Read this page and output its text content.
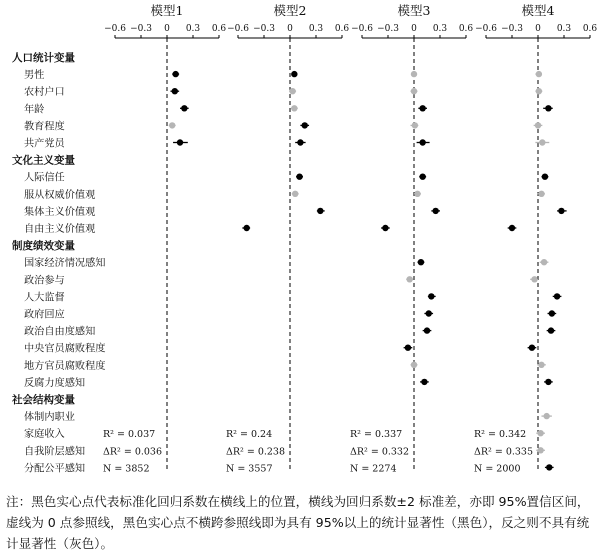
人口统计变量
男性
农村户口
年龄
教育程度
共产党员
文化主义变量
人际信任
服从权威价值观
集体主义价值观
自由主义价值观
制度绩效变量
国家经济情况感知
政治参与
人大监督
政府回应
政治自由度感知
中央官员腐败程度
地方官员腐败程度
反腐力度感知
社会结构变量
体制内职业
家庭收入
自我阶层感知
分配公平感知
模型1
−0.6 −0.3 0 0.3 0.6
R² = 0.037
ΔR² = 0.036
N = 3852
模型2
−0.6 −0.3 0 0.3 0.6
R² = 0.24
ΔR² = 0.238
N = 3557
模型3
−0.6 −0.3 0 0.3 0.6
R² = 0.337
ΔR² = 0.332
N = 2274
模型4
−0.6 −0.3 0 0.3 0.6
R² = 0.342
ΔR² = 0.335
N = 2000

注：黑色实心点代表标准化回归系数在横线上的位置，横线为回归系数±2 标准差，亦即 95%置信区间，虚线为 0 点参照线，黑色实心点不横跨参照线即为具有 95%以上的统计显著性（黑色），反之则不具有统计显著性（灰色）。
